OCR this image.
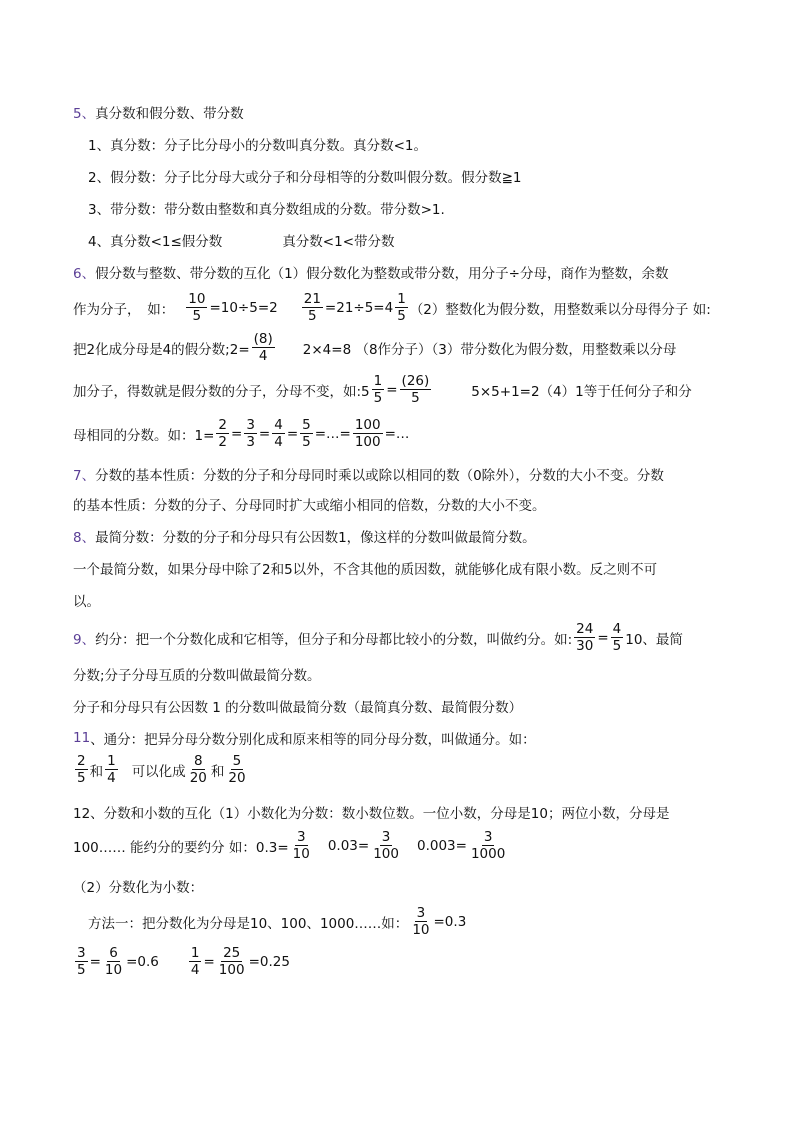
5、 真分数和假分数、带分数
1、真分数：分子比分母小的分数叫真分数。真分数<1。
2、假分数：分子比分母大或分子和分母相等的分数叫假分数。假分数≧1
3、带分数：带分数由整数和真分数组成的分数。带分数>1.
4、真分数<1≤假分数	真分数<1<带分数
6、 假分数与整数、带分数的互化（1）假分数化为整数或带分数，用分子÷分母，商作为整数，余数
作为分子，　如： $\frac{10}{5} =10\div 5=2 \frac{21}{5} =21\div 5=4 \frac{1}{5} (2)$整数化为假分数，用整数乘以分母得分子 如:
把2化成分母是4的假分数;2= $\frac{(8)}{4} 2\times 4=8$ （8作分子）（3）带分数化为假分数，用整数乘以分母
加分子，得数就是假分数的分子，分母不变，如:5 $\frac{1}{5} = \frac{(26)}{5}$	5×5+1=2（4）1等于任何分子和分
母相同的分数。如：$1= \frac{2}{2} = \frac{3}{3} = \frac{4}{4} = \frac{5}{5}$ =…= $\frac{100}{100}$ =…
7、 分数的基本性质：分数的分子和分母同时乘以或除以相同的数（0除外），分数的大小不变。分数
的基本性质：分数的分子、分母同时扩大或缩小相同的倍数，分数的大小不变。
8、 最简分数：分数的分子和分母只有公因数1，像这样的分数叫做最简分数。
一个最简分数，如果分母中除了2和5以外，不含其他的质因数，就能够化成有限小数。反之则不可
以。
9、 约分：把一个分数化成和它相等，但分子和分母都比较小的分数，叫做约分。如: $\frac{24}{30} = \frac{4}{5} 10$、最简
分数;分子分母互质的分数叫做最简分数。
分子和分母只有公因数 1 的分数叫做最简分数（最简真分数、最简假分数）
11 、通分：把异分母分数分别化成和原来相等的同分母分数，叫做通分。如：
$\frac{2}{5}$ 和 $\frac{1}{4}$ 可以化成 $\frac{8}{20}$ 和 $\frac{5}{20}$
12、分数和小数的互化（1）小数化为分数：数小数位数。一位小数，分母是10；两位小数，分母是
100…… 能约分的要约分 如：$0.3= \frac{3}{10} 0.03= \frac{3}{100} 0.003= \frac{3}{1000}$
（2）分数化为小数：
方法一：把分数化为分母是10、100、1000……如： $\frac{3}{10} =0.3$
$\frac{3}{5} = \frac{6}{10} =0.6 \frac{1}{4} = \frac{25}{100} =0.25$
